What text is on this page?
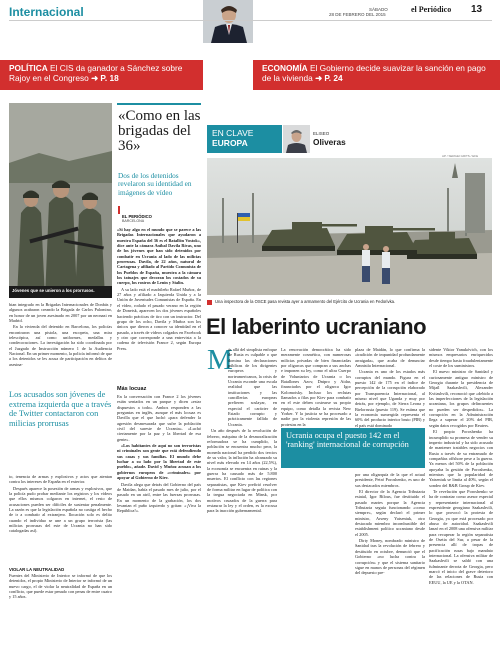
Internacional	SÁBADO
28 DE FEBRERO DEL 2015
el Periódico 13
POLÍTICA El CIS da ganador a Sánchez sobre Rajoy en el Congreso ➜ P. 18
ECONOMÍA El Gobierno decide suavizar la sanción en pago de la vivienda ➜ P. 24
Jóvenes que se unieron a los prorrusos.

bian integrado en la Brigadas Internacionales de Donbás y algunos acabaron creando la Brigada de Carlos Palomino, en honor de un joven asesinado en 2007 por un neonazi en Madrid.

En la vivienda del detenido en Barcelona, los policías encontraron una pistola, una escopeta, una mira telescópica, así como uniformes, medallas y condecoraciones. La investigación ha sido coordinada por el Juzgado de Instrucción número 1 de la Audiencia Nacional. En un primer momento, la policía informó de que a los detenidos se les acusa de participación en delitos de asesina-

Los acusados son jóvenes de extrema izquierda que a través de Twitter contactaron con milicias prorrusas

to, tenencia de armas y explosivos y actos que atentan contra los intereses de España en el exterior.

Después aparece la posesión de armas y explosivos, que la policía pudo probar mediante los registros y los vídeos que ellos mismos colgaron en internet, el resto de acusaciones pueden ser difíciles de sustentar penalmente. La razón es que la legislación española no castiga el hecho de ir a combatir al extranjero. Ilocación solo es delito cuando el individuo se une a un grupo terrorista (las milicias prorrusas del este de Ucrania no han sido catalogadas así).

VIOLAR LA NEUTRALIDAD

Fuentes del Ministerio de Interior se informó de que los detenidos, el propio Ministerio de Interior se informó de un nuevo cargo, el de violar la neutralidad de España en un conflicto, que puede estar penado con penas de entre cuatro y 15 años.

«Como en las brigadas del 36»
Dos de los detenidos revelaron su identidad en imágenes de vídeo
EL PERIÓDICO
BARCELONA

«Si hay algo en el mundo que se parece a las Brigadas Internacionales que ayudaron a nuestra España del 36 es el Batallón Vostok», dice ante la cámara Anibal Davila Rivas, uno de los jóvenes que han sido detenidos por combatir en Ucrania al lado de las milicias prorrusas. Davila, de 22 años, natural de Cartagena y afiliado al Partido Comunista de los Pueblos de España, muestra a la cámara los tatuajes que decoran los costados de su cuerpo, los rostros de Lenin y Stalin.

A su lado está el madrileño Rafael Muñoz, de 27 años y afiliado a Izquierda Unida y a la Unión de Juventudes Comunistas de España. En el vídeo, rodado el pasado verano en la región de Donetsk, aparecen los dos jóvenes españoles haciendo prácticas de tiro con un instructor. Del grupo de los ocho, Davila y Muñoz son los únicos que dieron a conocer su identidad en el pasado, a través de vídeos colgados en Facebook y otro que corresponde a una entrevista a la cadena de televisión France 2, según Europa Press.

Más locuaz

En la conversación con France 2 los jóvenes están sentados en un parque y dicen «estar dispuestos a todo». Ambos responden a las preguntas en inglés, aunque el más locuaz es Davilla que el que luchó «para defender la agresión desmesurada que sufre la población civil del sureste de Ucrania». «Luchó ciertamente por la paz y la libertad de esa gente».

«Los habitantes de aquí no son terroristas ni criminales son gente que está defendiendo sus casas y sus familias. El mundo debe luchar a su lado por la libertad de este pueblo», añade. David y Muñoz acusan a los gobiernos europeos de «criminales» por apoyar al Gobierno de Kiev.

Davila alega que detrás del Gobierno del país de Maidan, había el pasado mes de julio, por el pasado en un atril, entre las fuerzas prorrusas. En un momento de la grabación, los dos levantan el puño izquierdo y gritan: «¡Viva la República!».

EN CLAVE
EUROPA
ELISEO
Oliveras
AP / SERGEI GRITS / EFE
Una inspectora de la OSCE pasa revista ayer a armamento del Ejército de Ucrania en Fedorivka.
El laberinto ucraniano
M

ás allá del simplista enfoque de Rusia es culpable o que domina las declaraciones públicas de los dirigentes europeos y norteamericanos, la crisis de Ucrania esconde una escala realidad que las instituciones y las cancillerías europeas prefieren soslayar, en especial el carácter de Estado corrupto y prácticamente fallido de Ucrania.

Un año después de la revolución de febrero, máquina de la desmoralización reformadora se ha cumplido, la población se encuentra mucho peor, la moneda nacional ha perdido dos tercios de su valor, la inflación ha alcanzado su nivel más elevado en 14 años (22,5%), la economía se encuentra en ruinas y la guerra ha causado más de 5.800 muertos. El conflicto con las regiones separatistas, que Kiev prefirió resolver de forma militar en lugar de política con la tregua negociada en Minsk, por motivos cruzados de la guerra para restaurar la ley y el orden, es la excusa para la inacción gubernamental.

La renovación democrática ha sido meramente cosmética, con numerosas milicias privadas de bien financiadas por oligarcas que compran a sus anchas e imponen su ley, como el ultra Cuerpo de Voluntarios de Ucrania o los Batallones Azov, Dnipro y Aidar, financiados por el oligarca Igor Kolomoisky. Incluso los reclutas llamados a filas por Kiev para combatir en el este deben costearse su propio equipo, como detalla la revista New Yorker. Y la justicia se ha procesado a nadie por la violenta represión de las protestas en la

plaza de Maidán, lo que confirma la «tradición de impunidad profundamente arraigada», que acaba de denunciar Amnistía Internacional.

Ucrania es uno de los estados más corruptos del mundo. Figura en el puesto 142 de 175 en el índice de percepción de la corrupción elaborado por Transparencia Internacional, al mismo nivel que Uganda y muy por detrás, por ejemplo, de Sierra Leona y Bielorrusia (puesto 119). Se estima que la economía sumergida representa el 60% del producto interior bruto (PIB) y el país está dominado

Ucrania ocupa el puesto 142 en el 'ranking' internacional de corrupción

por una oligarquía de la que el actual presidente, Petró Poroshenko, es uno de sus destacados miembros.

El director de la Agencia Tributaria estatal, Igor Bilous, fue destituido el pasado martes porque la Agencia Tributaria seguía funcionando «como siempre», según declaró el primer ministro, Arseny Yatseniuk, otro destacado miembro incombustible del establishment político ucraniano desde el 2005.

Dirty Money, nombrado ministro de Sanidad tras la revolución de febrero y destituido en octubre, denunció que el Gobierno «no lucha contra la corrupción» y que el sistema sanitario sigue en manos de personas del régimen del depuesto pre-

sidente Víktor Yanukóvich, con los mismos empresarios enriquecidos desde tiempo hasta fraudulentamente el coste de los suministros.

El nuevo ministro de Sanidad y curiosamente antiguo ministro de Georgia durante la presidencia de Mijaíl Saakashvili, Alexander Kvitashvili, reconoció que «debido a las imperfecciones de la legislación ucraniana, los grupos delincuentes no pueden ser despedidos». La corrupción en la Administración llega a superar el 20% del PIB, según datos recogidos por Reuters.

El propio Poroshenko ha incumplido su promesa de vender su imperio industrial y ha sido acusado de mantener tratables negocios con Rusia a través de su entramado de compañías offshore pese a la guerra. Ya menos del 50% de la población apoyaba la gestión de Poroshenko, mientras que la popularidad de Yatseniuk se limita al 40%, según el sondeo del R&B Group de Kiev.

Te revelación que Poroshenko se ha de contratar como asesor especial y representante internacional al expresidente georgiano Saakashvili, lo que provocó la protesta de Georgia, ya que está procesado por abuso de autoridad. Saakashvili lanzó en el 2008 una ofensiva militar para recuperar la región separatista de Osetia del Sur, a pesar de la presencia allí de tropas de pacificación rusas bajo mandato internacional. La ofensiva militar de Saakashvili se saldó con una fulminante derrota de Georgia, pero marcó el inicio del grave deterioro de las relaciones de Rusia con EEUU, la UE y la OTAN.
